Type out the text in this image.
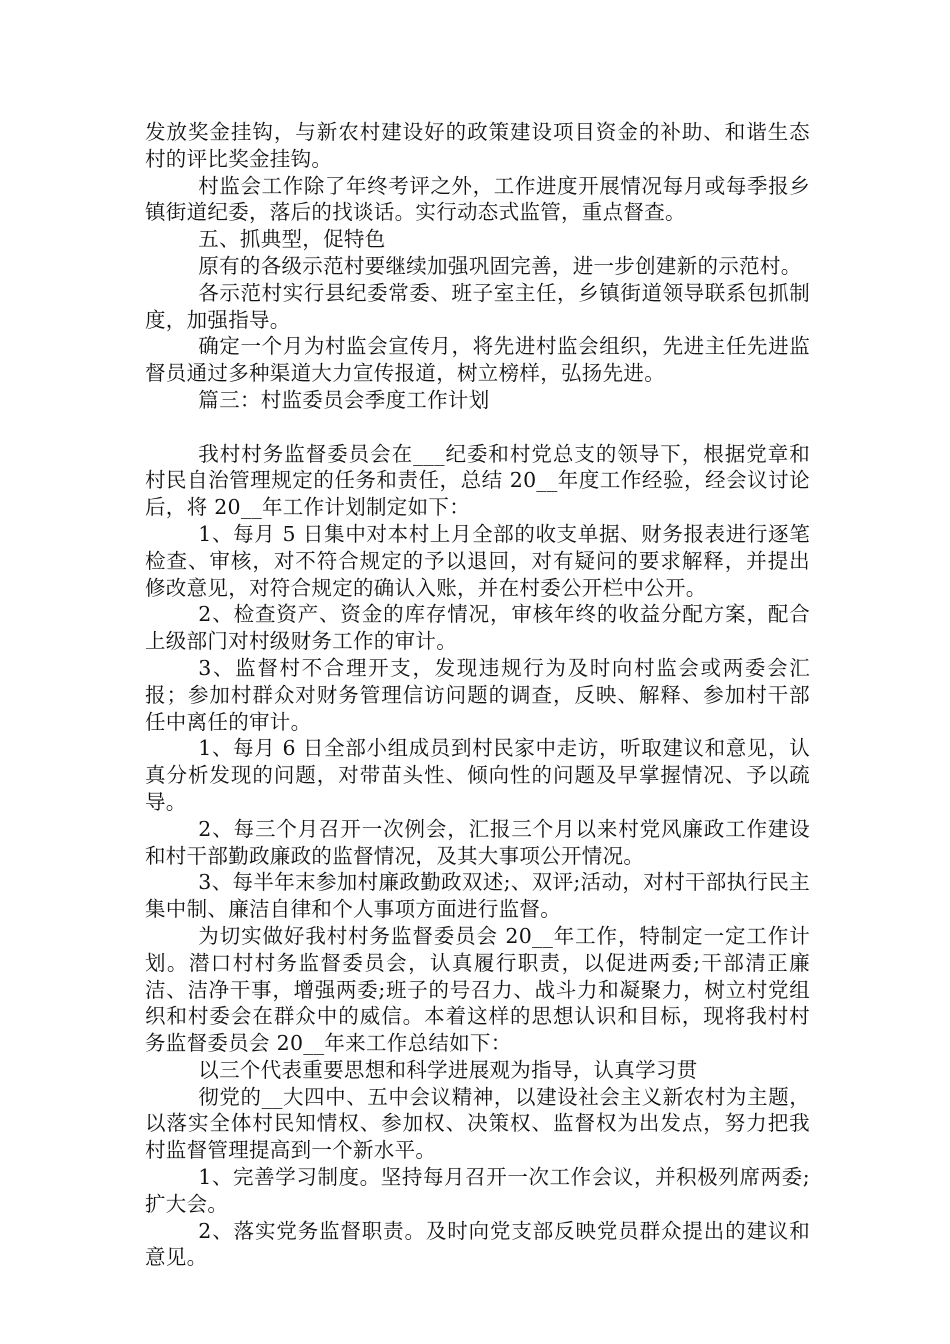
发放奖金挂钩，与新农村建设好的政策建设项目资金的补助、和谐生态村的评比奖金挂钩。

村监会工作除了年终考评之外，工作进度开展情况每月或每季报乡镇街道纪委，落后的找谈话。实行动态式监管，重点督查。

五、抓典型，促特色

原有的各级示范村要继续加强巩固完善，进一步创建新的示范村。

各示范村实行县纪委常委、班子室主任，乡镇街道领导联系包抓制度，加强指导。

确定一个月为村监会宣传月，将先进村监会组织，先进主任先进监督员通过多种渠道大力宣传报道，树立榜样，弘扬先进。

篇三：村监委员会季度工作计划

我村村务监督委员会在___纪委和村党总支的领导下，根据党章和村民自治管理规定的任务和责任，总结 20__年度工作经验，经会议讨论后，将 20__年工作计划制定如下：

1、每月 5 日集中对本村上月全部的收支单据、财务报表进行逐笔检查、审核，对不符合规定的予以退回，对有疑问的要求解释，并提出修改意见，对符合规定的确认入账，并在村委公开栏中公开。

2、检查资产、资金的库存情况，审核年终的收益分配方案，配合上级部门对村级财务工作的审计。

3、监督村不合理开支，发现违规行为及时向村监会或两委会汇报；参加村群众对财务管理信访问题的调查，反映、解释、参加村干部任中离任的审计。

1、每月 6 日全部小组成员到村民家中走访，听取建议和意见，认真分析发现的问题，对带苗头性、倾向性的问题及早掌握情况、予以疏导。

2、每三个月召开一次例会，汇报三个月以来村党风廉政工作建设和村干部勤政廉政的监督情况，及其大事项公开情况。

3、每半年末参加村廉政勤政双述;、双评;活动，对村干部执行民主集中制、廉洁自律和个人事项方面进行监督。

为切实做好我村村务监督委员会 20__年工作，特制定一定工作计划。潜口村村务监督委员会，认真履行职责，以促进两委;干部清正廉洁、洁净干事，增强两委;班子的号召力、战斗力和凝聚力，树立村党组织和村委会在群众中的威信。本着这样的思想认识和目标，现将我村村务监督委员会 20__年来工作总结如下：

以三个代表重要思想和科学进展观为指导，认真学习贯

彻党的__大四中、五中会议精神，以建设社会主义新农村为主题，以落实全体村民知情权、参加权、决策权、监督权为出发点，努力把我村监督管理提高到一个新水平。

1、完善学习制度。坚持每月召开一次工作会议，并积极列席两委;扩大会。

2、落实党务监督职责。及时向党支部反映党员群众提出的建议和意见。
